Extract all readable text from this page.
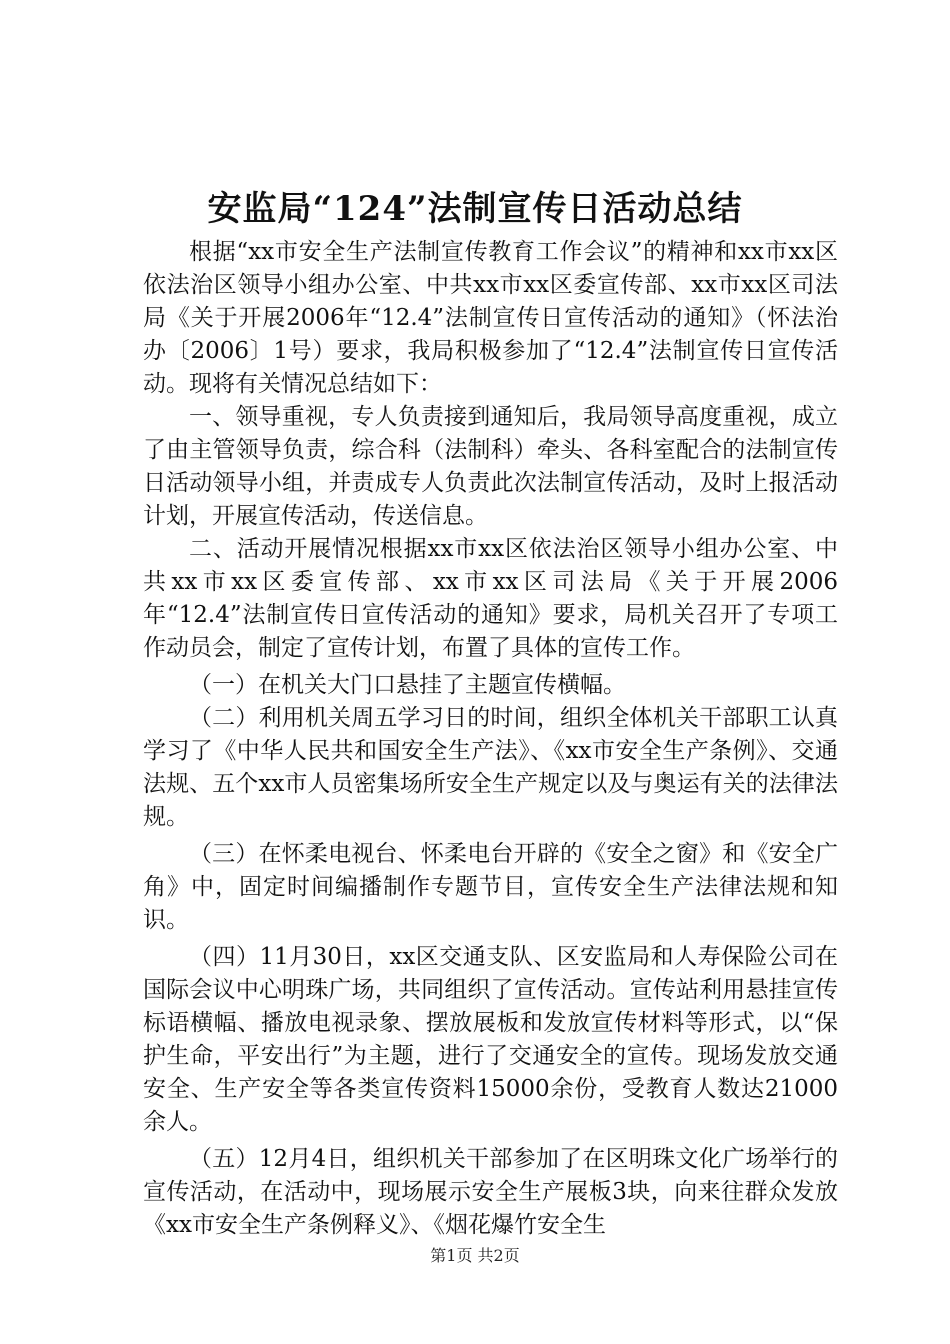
安监局“124”法制宣传日活动总结

根据“xx市安全生产法制宣传教育工作会议”的精神和xx市xx区依法治区领导小组办公室、中共xx市xx区委宣传部、xx市xx区司法局《关于开展2006年“12.4”法制宣传日宣传活动的通知》（怀法治办〔2006〕1号）要求，我局积极参加了“12.4”法制宣传日宣传活动。现将有关情况总结如下：

一、领导重视，专人负责接到通知后，我局领导高度重视，成立了由主管领导负责，综合科（法制科）牵头、各科室配合的法制宣传日活动领导小组，并责成专人负责此次法制宣传活动，及时上报活动计划，开展宣传活动，传送信息。

二、活动开展情况根据xx市xx区依法治区领导小组办公室、中共xx市xx区委宣传部、xx市xx区司法局《关于开展2006年“12.4”法制宣传日宣传活动的通知》要求，局机关召开了专项工作动员会，制定了宣传计划，布置了具体的宣传工作。

（一）在机关大门口悬挂了主题宣传横幅。

（二）利用机关周五学习日的时间，组织全体机关干部职工认真学习了《中华人民共和国安全生产法》、《xx市安全生产条例》、交通法规、五个xx市人员密集场所安全生产规定以及与奥运有关的法律法规。

（三）在怀柔电视台、怀柔电台开辟的《安全之窗》和《安全广角》中，固定时间编播制作专题节目，宣传安全生产法律法规和知识。

（四）11月30日，xx区交通支队、区安监局和人寿保险公司在国际会议中心明珠广场，共同组织了宣传活动。宣传站利用悬挂宣传标语横幅、播放电视录象、摆放展板和发放宣传材料等形式，以“保护生命，平安出行”为主题，进行了交通安全的宣传。现场发放交通安全、生产安全等各类宣传资料15000余份，受教育人数达21000余人。

（五）12月4日，组织机关干部参加了在区明珠文化广场举行的宣传活动，在活动中，现场展示安全生产展板3块，向来往群众发放《xx市安全生产条例释义》、《烟花爆竹安全生

第1页 共2页
